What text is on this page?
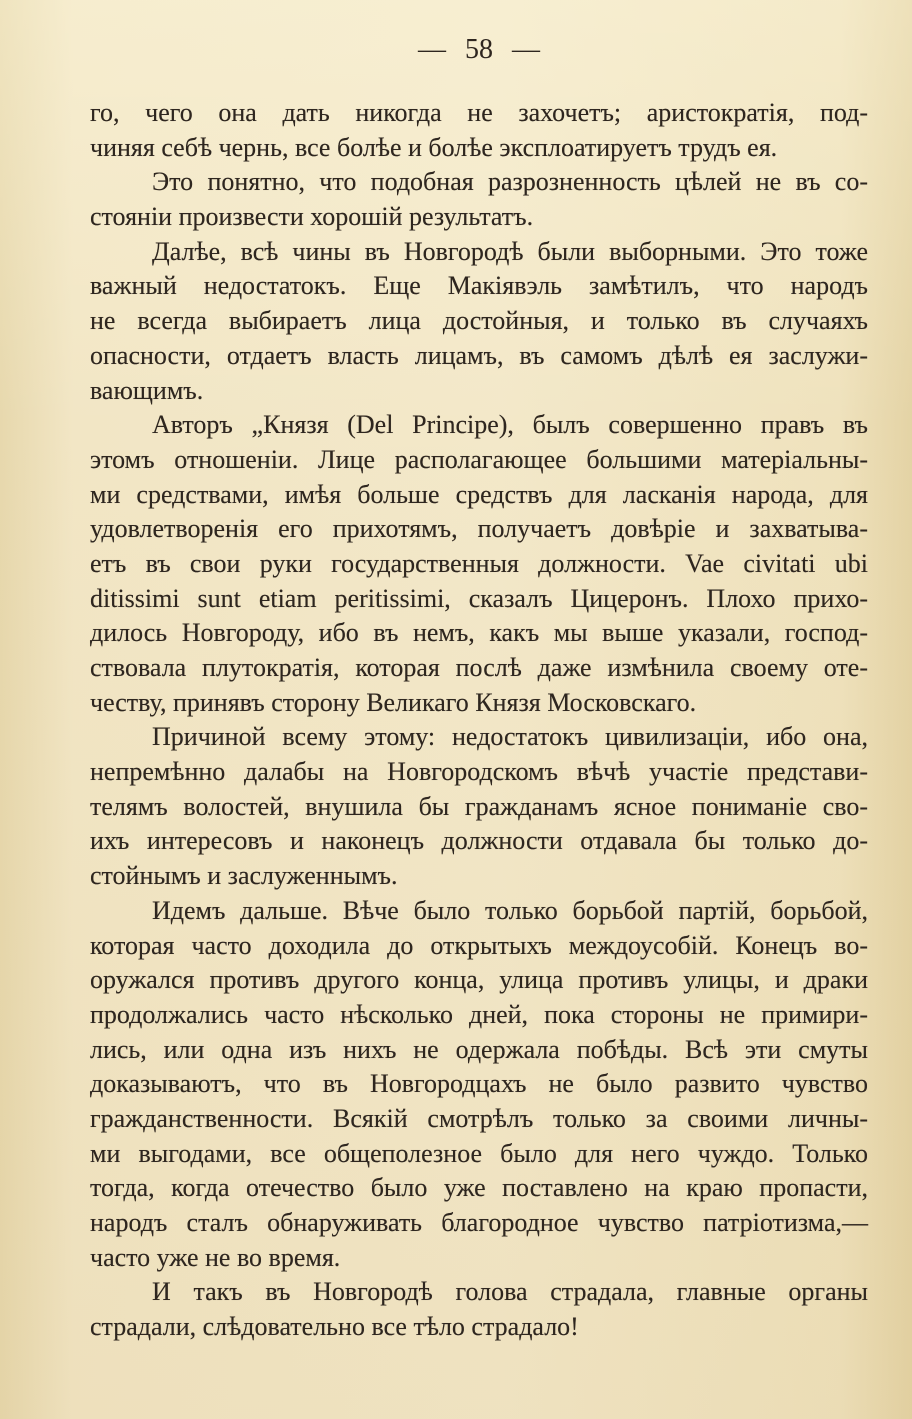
— 58 —
го, чего она дать никогда не захочетъ; аристократія, под-
чиняя себѣ чернь, все болѣе и болѣе эксплоатируетъ трудъ ея.
Это понятно, что подобная разрозненность цѣлей не въ со-
стояніи произвести хорошій результатъ.
Далѣе, всѣ чины въ Новгородѣ были выборными. Это тоже
важный недостатокъ. Еще Макіявэль замѣтилъ, что народъ
не всегда выбираетъ лица достойныя, и только въ случаяхъ
опасности, отдаетъ власть лицамъ, въ самомъ дѣлѣ ея заслужи-
вающимъ.
Авторъ „Князя (Del Principe), былъ совершенно правъ въ
этомъ отношеніи. Лице располагающее большими матеріальны-
ми средствами, имѣя больше средствъ для ласканія народа, для
удовлетворенія его прихотямъ, получаетъ довѣріе и захватыва-
етъ въ свои руки государственныя должности. Vae civitati ubi
ditissimi sunt etiam peritissimi, сказалъ Цицеронъ. Плохо прихо-
дилось Новгороду, ибо въ немъ, какъ мы выше указали, господ-
ствовала плутократія, которая послѣ даже измѣнила своему оте-
честву, принявъ сторону Великаго Князя Московскаго.
Причиной всему этому: недостатокъ цивилизаціи, ибо она,
непремѣнно далабы на Новгородскомъ вѣчѣ участіе представи-
телямъ волостей, внушила бы гражданамъ ясное пониманіе сво-
ихъ интересовъ и наконецъ должности отдавала бы только до-
стойнымъ и заслуженнымъ.
Идемъ дальше. Вѣче было только борьбой партій, борьбой,
которая часто доходила до открытыхъ междоусобій. Конецъ во-
оружался противъ другого конца, улица противъ улицы, и драки
продолжались часто нѣсколько дней, пока стороны не примири-
лись, или одна изъ нихъ не одержала побѣды. Всѣ эти смуты
доказываютъ, что въ Новгородцахъ не было развито чувство
гражданственности. Всякій смотрѣлъ только за своими личны-
ми выгодами, все общеполезное было для него чуждо. Только
тогда, когда отечество было уже поставлено на краю пропасти,
народъ сталъ обнаруживать благородное чувство патріотизма,—
часто уже не во время.
И такъ въ Новгородѣ голова страдала, главные органы
страдали, слѣдовательно все тѣло страдало!
